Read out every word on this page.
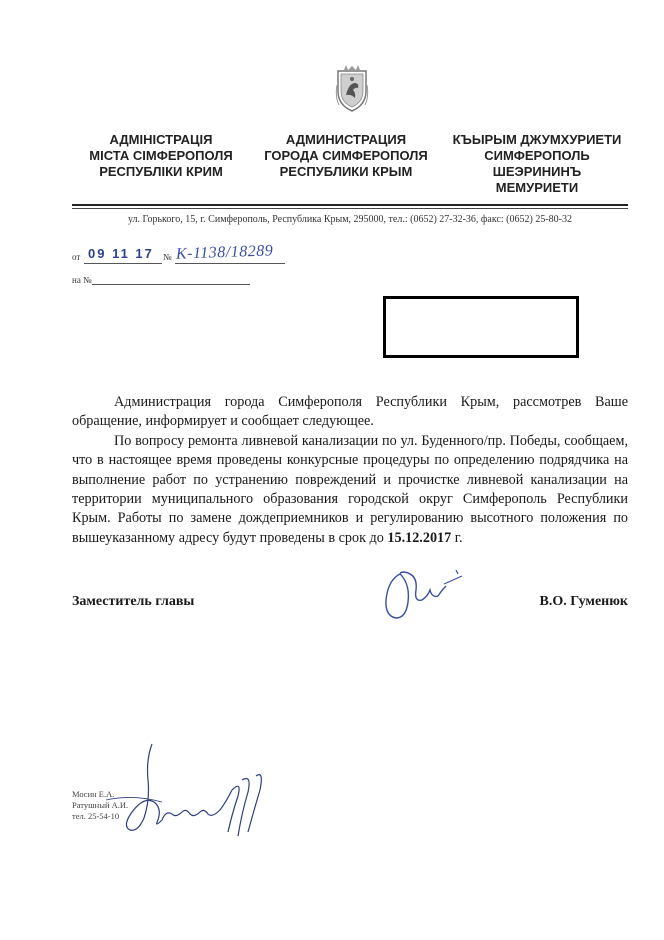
АДМІНІСТРАЦІЯ
МІСТА СІМФЕРОПОЛЯ
РЕСПУБЛІКИ КРИМ
АДМИНИСТРАЦИЯ
ГОРОДА СИМФЕРОПОЛЯ
РЕСПУБЛИКИ КРЫМ
КЪЫРЫМ ДЖУМХУРИЕТИ
СИМФЕРОПОЛЬ
ШЕЭРИНИНЪ
МЕМУРИЕТИ
ул. Горького, 15, г. Симферополь, Республика Крым, 295000, тел.: (0652) 27-32-36, факс: (0652) 25-80-32
от 09 11 17 № К-1138/18289
на №

Администрация города Симферополя Республики Крым, рассмотрев Ваше обращение, информирует и сообщает следующее.

По вопросу ремонта ливневой канализации по ул. Буденного/пр. Победы, сообщаем, что в настоящее время проведены конкурсные процедуры по определению подрядчика на выполнение работ по устранению повреждений и прочистке ливневой канализации на территории муниципального образования городской округ Симферополь Республики Крым. Работы по замене дождеприемников и регулированию высотного положения по вышеуказанному адресу будут проведены в срок до 15.12.2017 г.

Заместитель главы	В.О. Гуменюк
Мосин Е.А.
Ратушный А.И.
тел. 25-54-10
